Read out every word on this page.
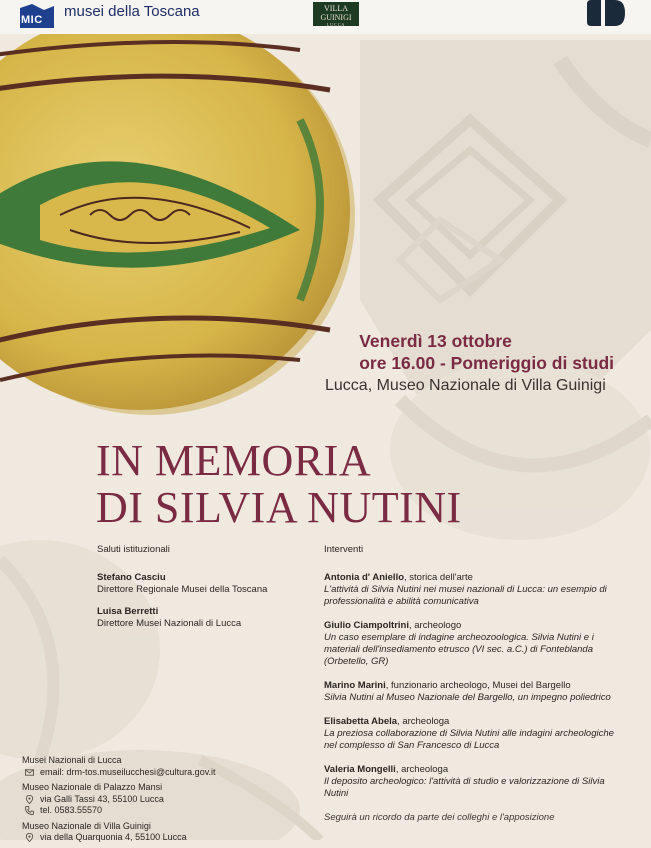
MIC musei della Toscana	VILLA
GUINIGI
LUCCA
Venerdì 13 ottobre
ore 16.00 - Pomeriggio di studi
Lucca, Museo Nazionale di Villa Guinigi
IN MEMORIA
DI SILVIA NUTINI
Saluti istituzionali
Stefano Casciu
Direttore Regionale Musei della Toscana
Luisa Berretti
Direttore Musei Nazionali di Lucca
Interventi
Antonia d' Aniello, storica dell'arte
L'attività di Silvia Nutini nei musei nazionali di Lucca: un esempio di professionalità e abilità comunicativa
Giulio Ciampoltrini, archeologo
Un caso esemplare di indagine archeozoologica. Silvia Nutini e i materiali dell'insediamento etrusco (VI sec. a.C.) di Fonteblanda (Orbetello, GR)
Marino Marini, funzionario archeologo, Musei del Bargello
Silvia Nutini al Museo Nazionale del Bargello, un impegno poliedrico
Elisabetta Abela, archeologa
La preziosa collaborazione di Silvia Nutini alle indagini archeologiche nel complesso di San Francesco di Lucca
Valeria Mongelli, archeologa
Il deposito archeologico: l'attività di studio e valorizzazione di Silvia Nutini
Seguirà un ricordo da parte dei colleghi e l'apposizione
Musei Nazionali di Lucca
email: drm-tos.museilucchesi@cultura.gov.it
Museo Nazionale di Palazzo Mansi
via Galli Tassi 43, 55100 Lucca
tel. 0583.55570
Museo Nazionale di Villa Guinigi
via della Quarquonia 4, 55100 Lucca
